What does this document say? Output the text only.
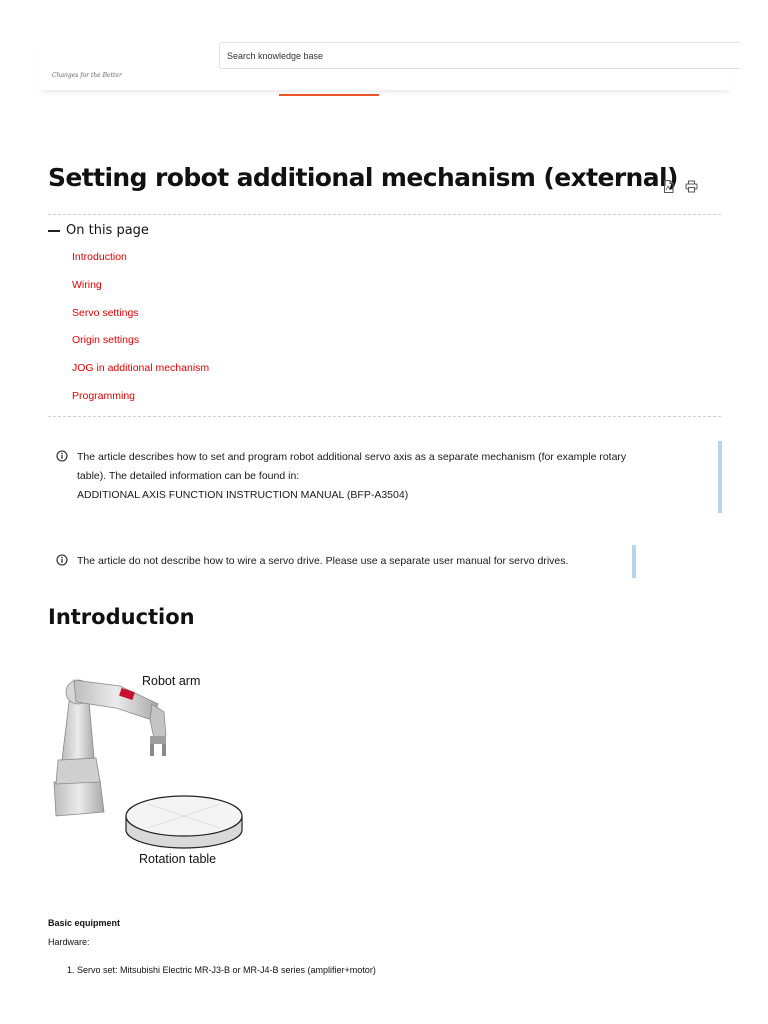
Changes for the Better
Search knowledge base
Setting robot additional mechanism (external)
On this page
Introduction
Wiring
Servo settings
Origin settings
JOG in additional mechanism
Programming
The article describes how to set and program robot additional servo axis as a separate mechanism (for example rotary
table). The detailed information can be found in:
ADDITIONAL AXIS FUNCTION INSTRUCTION MANUAL (BFP-A3504)
The article do not describe how to wire a servo drive. Please use a separate user manual for servo drives.
Introduction
Robot arm
Rotation table
Basic equipment
Hardware:
1. Servo set: Mitsubishi Electric MR-J3-B or MR-J4-B series (amplifier+motor)
